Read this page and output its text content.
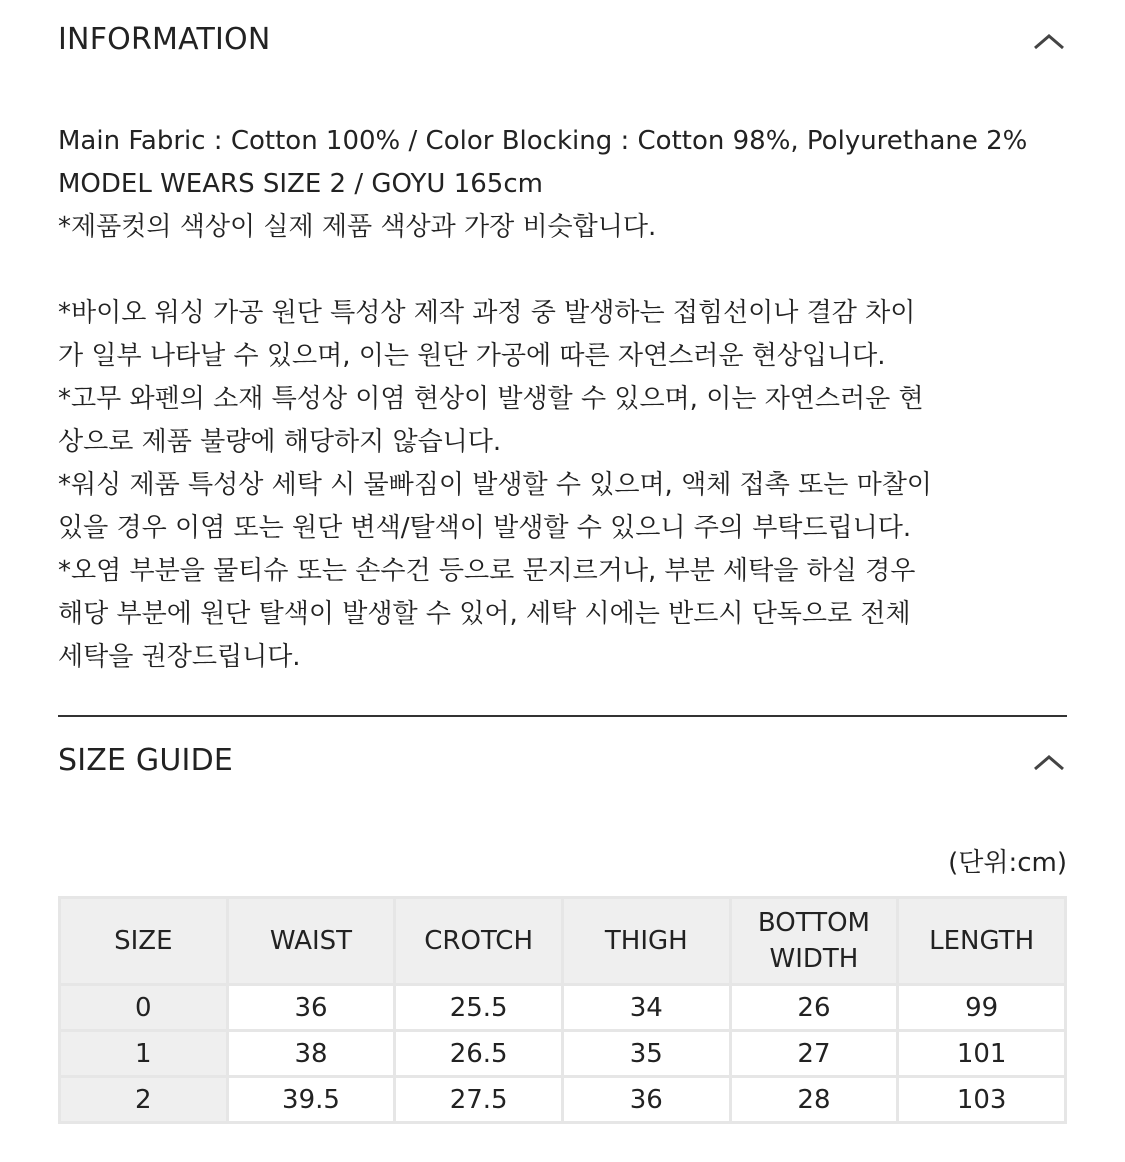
INFORMATION
Main Fabric : Cotton 100% / Color Blocking : Cotton 98%, Polyurethane 2%
MODEL WEARS SIZE 2 / GOYU 165cm
*제품컷의 색상이 실제 제품 색상과 가장 비슷합니다.
*바이오 워싱 가공 원단 특성상 제작 과정 중 발생하는 접힘선이나 결감 차이
가 일부 나타날 수 있으며, 이는 원단 가공에 따른 자연스러운 현상입니다.
*고무 와펜의 소재 특성상 이염 현상이 발생할 수 있으며, 이는 자연스러운 현
상으로 제품 불량에 해당하지 않습니다.
*워싱 제품 특성상 세탁 시 물빠짐이 발생할 수 있으며, 액체 접촉 또는 마찰이
있을 경우 이염 또는 원단 변색/탈색이 발생할 수 있으니 주의 부탁드립니다.
*오염 부분을 물티슈 또는 손수건 등으로 문지르거나, 부분 세탁을 하실 경우
해당 부분에 원단 탈색이 발생할 수 있어, 세탁 시에는 반드시 단독으로 전체
세탁을 권장드립니다.
SIZE GUIDE
(단위:cm)
SIZE	WAIST	CROTCH	THIGH	BOTTOM WIDTH	LENGTH
0	36	25.5	34	26	99
1	38	26.5	35	27	101
2	39.5	27.5	36	28	103
